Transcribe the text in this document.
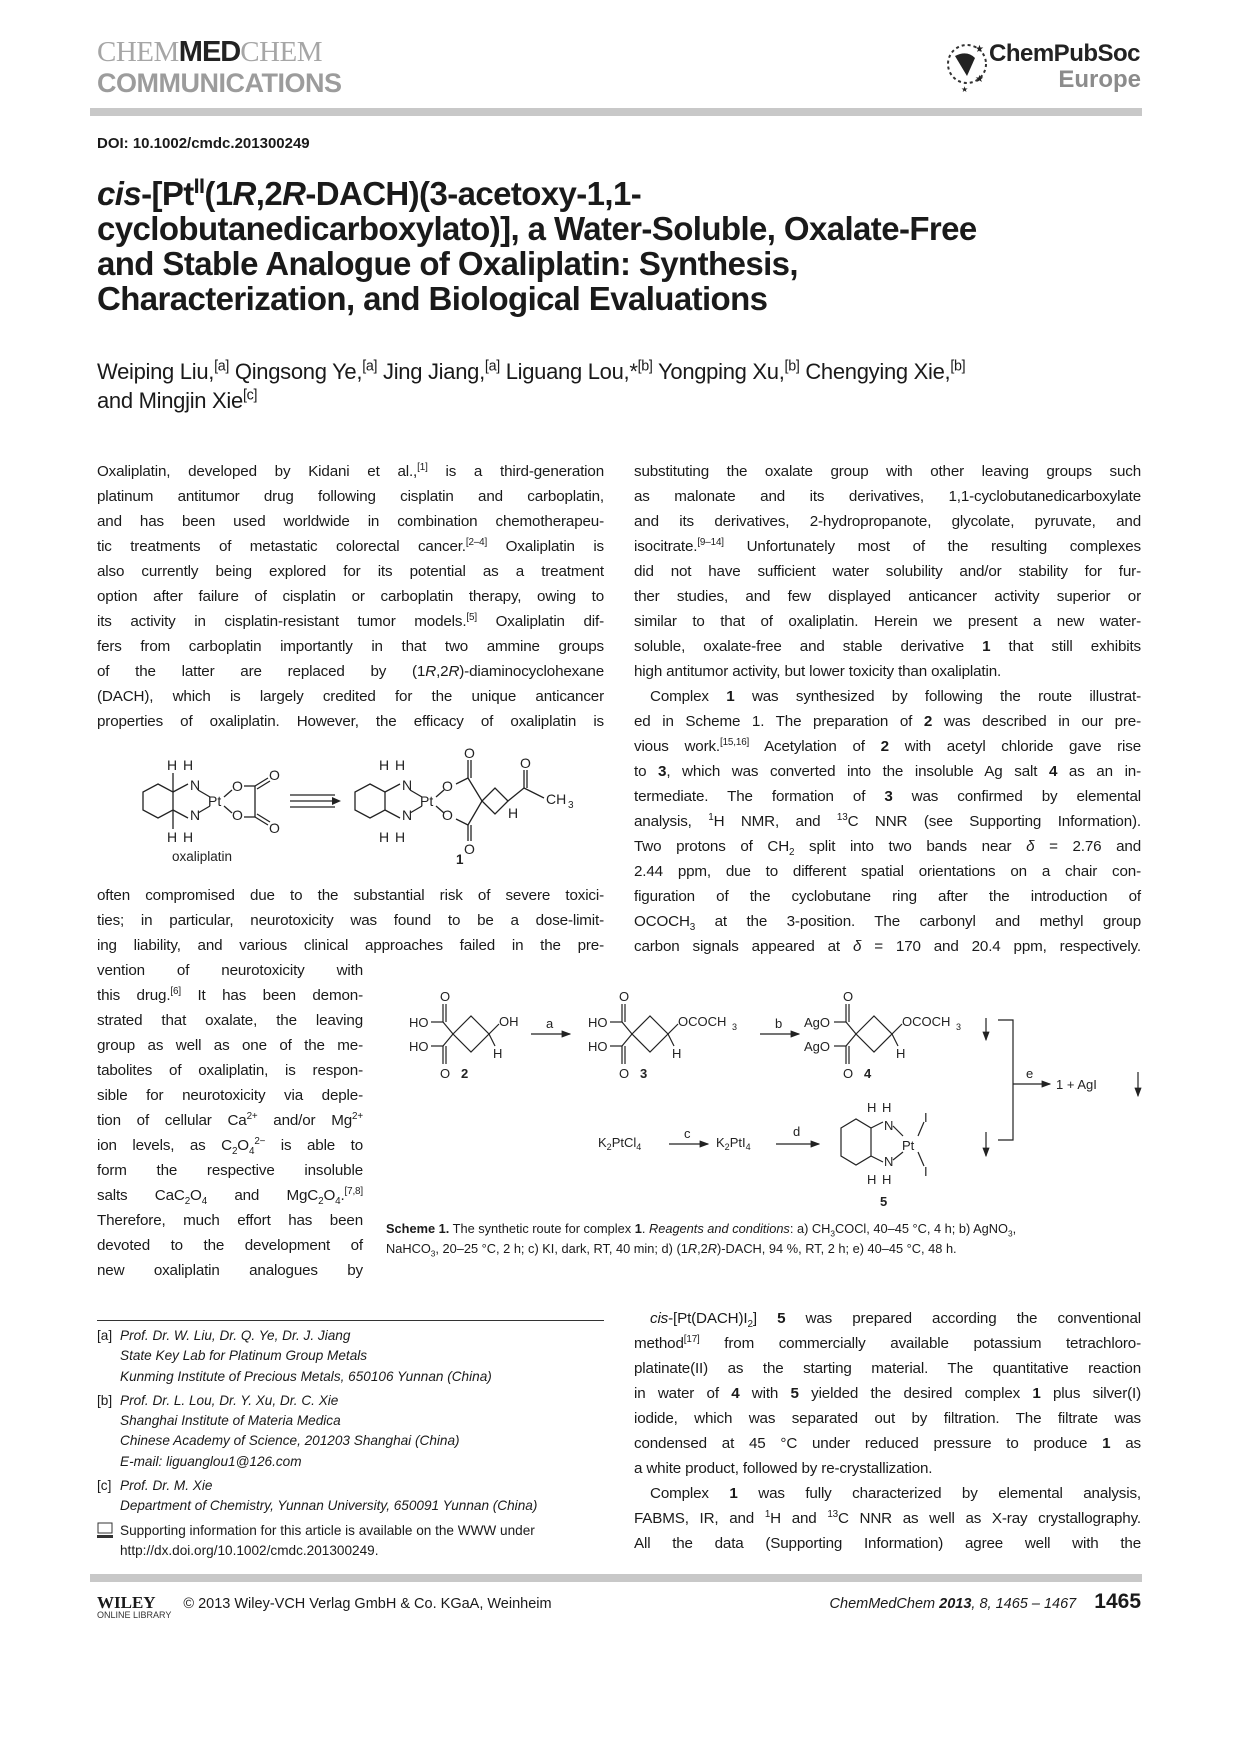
CHEMMEDCHEM
COMMUNICATIONS
★
★
★
ChemPubSoc
Europe
DOI: 10.1002/cmdc.201300249
cis-[$Pt^{II}(1R,2R-DACH)(3-acetoxy-1,1-$
cyclobutanedicarboxylato)], a Water-Soluble, Oxalate-Free
and Stable Analogue of Oxaliplatin: Synthesis,
Characterization, and Biological Evaluations
Weiping Liu,[a] Qingsong Ye,[a] Jing Jiang,[a] Liguang Lou,*[b] Yongping Xu,[b] Chengying Xie,[b]
and Mingjin Xie[c]
Oxaliplatin, developed by Kidani et al.,[1] is a third-generation
platinum antitumor drug following cisplatin and carboplatin,
and has been used worldwide in combination chemotherapeu-
tic treatments of metastatic colorectal cancer.[2–4] Oxaliplatin is
also currently being explored for its potential as a treatment
option after failure of cisplatin or carboplatin therapy, owing to
its activity in cisplatin-resistant tumor models.[5] Oxaliplatin dif-
fers from carboplatin importantly in that two ammine groups
of the latter are replaced by (1R,2R)-diaminocyclohexane
(DACH), which is largely credited for the unique anticancer
properties of oxaliplatin. However, the efficacy of oxaliplatin is
often compromised due to the substantial risk of severe toxici-
ties; in particular, neurotoxicity was found to be a dose-limit-
ing liability, and various clinical approaches failed in the pre-
vention of neurotoxicity with
this drug.[6] It has been demon-
strated that oxalate, the leaving
group as well as one of the me-
tabolites of oxaliplatin, is respon-
sible for neurotoxicity via deple-
tion of cellular $Ca^{2+}$ and/or $Mg^{2+}$
ion levels, as $C_2O_4^{2-}$ is able to
form the respective insoluble
salts $CaC_2O_4$ and $MgC_2O_4.[7,8]$
Therefore, much effort has been
devoted to the development of
new oxaliplatin analogues by
substituting the oxalate group with other leaving groups such
as malonate and its derivatives, 1,1-cyclobutanedicarboxylate
and its derivatives, 2-hydropropanote, glycolate, pyruvate, and
isocitrate.[9–14] Unfortunately most of the resulting complexes
did not have sufficient water solubility and/or stability for fur-
ther studies, and few displayed anticancer activity superior or
similar to that of oxaliplatin. Herein we present a new water-
soluble, oxalate-free and stable derivative 1 that still exhibits
high antitumor activity, but lower toxicity than oxaliplatin.
Complex 1 was synthesized by following the route illustrat-
ed in Scheme 1. The preparation of 2 was described in our pre-
vious work.[15,16] Acetylation of 2 with acetyl chloride gave rise
to 3, which was converted into the insoluble Ag salt 4 as an in-
termediate. The formation of 3 was confirmed by elemental
analysis, $^1$H NMR, and $^{13}$C NNR (see Supporting Information).
Two protons of $CH_2$ split into two bands near δ = 2.76 and
2.44 ppm, due to different spatial orientations on a chair con-
figuration of the cyclobutane ring after the introduction of
$OCOCH_3$ at the 3-position. The carbonyl and methyl group
carbon signals appeared at δ = 170 and 20.4 ppm, respectively.
cis-$[Pt(DACH)I_2]$ 5 was prepared according the conventional
method[17] from commercially available potassium tetrachloro-
platinate(II) as the starting material. The quantitative reaction
in water of 4 with 5 yielded the desired complex 1 plus silver(I)
iodide, which was separated out by filtration. The filtrate was
condensed at 45 °C under reduced pressure to produce 1 as
a white product, followed by re-crystallization.
Complex 1 was fully characterized by elemental analysis,
FABMS, IR, and $^1$H and $^{13}$C NNR as well as X-ray crystallography.
All the data (Supporting Information) agree well with the
H H
N
N
Pt
O
O
O
O
H H
oxaliplatin
H H
N
N
Pt
O
O
O
O
O
H
CH 3
H H
1
O
O
HO
HO
OH
H
2
a
O
O
HO
HO
OCOCH 3
H
3
b
O
O
AgO
AgO
OCOCH 3
H
4	e
1 + AgI
$K_2PtCl_4$
c
$K_2PtI_4$
d
H H
N
N
Pt
I
I
H H
5
Scheme 1. The synthetic route for complex 1. Reagents and conditions: a) $CH_3COCl$, 40–45 °C, 4 h; b) AgNO$_3$,
NaHCO$_3$, 20–25 °C, 2 h; c) KI, dark, RT, 40 min; d) (1R,2R)-DACH, 94 %, RT, 2 h; e) 40–45 °C, 48 h.
[a] Prof. Dr. W. Liu, Dr. Q. Ye, Dr. J. Jiang
State Key Lab for Platinum Group Metals
Kunming Institute of Precious Metals, 650106 Yunnan (China)
[b] Prof. Dr. L. Lou, Dr. Y. Xu, Dr. C. Xie
Shanghai Institute of Materia Medica
Chinese Academy of Science, 201203 Shanghai (China)
E-mail: liguanglou1@126.com
[c] Prof. Dr. M. Xie
Department of Chemistry, Yunnan University, 650091 Yunnan (China)
Supporting information for this article is available on the WWW under
http://dx.doi.org/10.1002/cmdc.201300249.
WILEY
ONLINE LIBRARY
© 2013 Wiley-VCH Verlag GmbH & Co. KGaA, Weinheim	ChemMedChem 2013, 8, 1465 – 1467 1465
